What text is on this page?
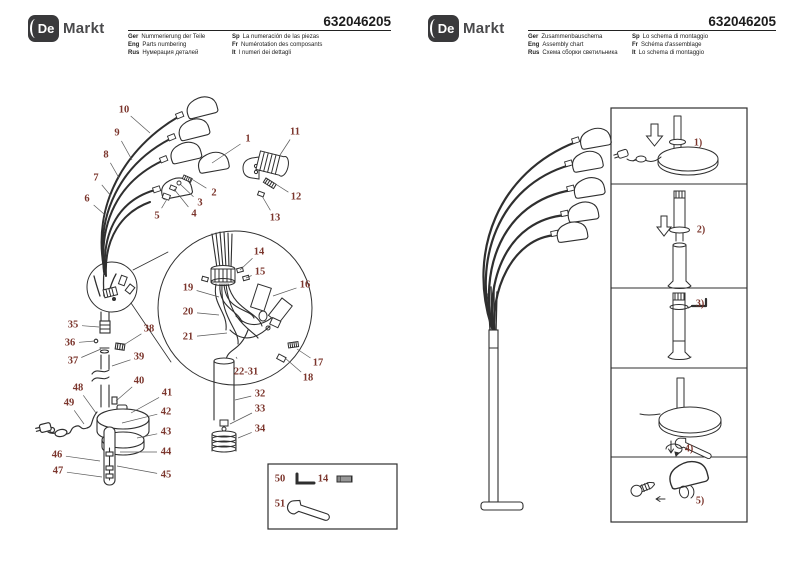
1
2
3
4
5
6
7
8
9
10
11
12
13
14
15
16
17
18
19
20
21
22-31
32
33
34
35
36
37
38
39
40
41
42
43
44
45
46
47
48
49
50	14
51
1)
2)
3)
4)
5)
De Markt	632046205
Ger Nummerierung der Teile
Eng Parts numbering
Rus Нумерация деталей
Sp La numeración de las piezas
Fr Numérotation des composants
It I numeri dei dettagli
De Markt	632046205
Ger Zusammenbauschema
Eng Assembly chart
Rus Схема сборки светильника
Sp Lo schema di montaggio
Fr Schéma d'assemblage
It Lo schema di montaggio
